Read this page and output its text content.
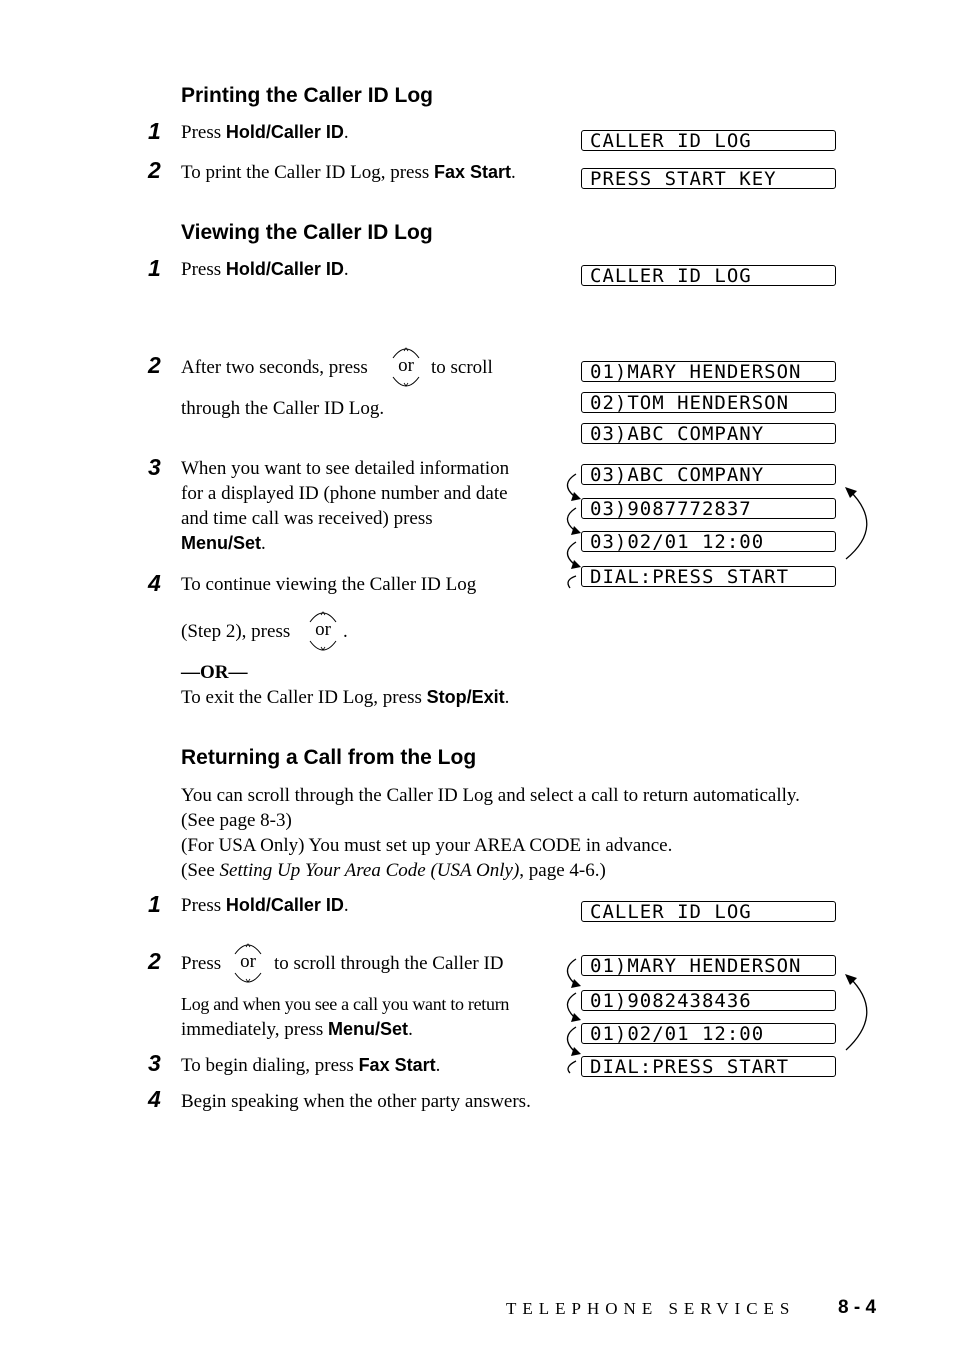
Printing the Caller ID Log
1 Press Hold/Caller ID.	CALLER ID LOG
2 To print the Caller ID Log, press Fax Start.	PRESS START KEY
Viewing the Caller ID Log
1 Press Hold/Caller ID.	CALLER ID LOG
2 After two seconds, press	or to scroll
through the Caller ID Log.
01)MARY HENDERSON
02)TOM HENDERSON
03)ABC COMPANY
3 When you want to see detailed information
for a displayed ID (phone number and date
and time call was received) press
Menu/Set.
03)ABC COMPANY
03)9087772837
03)02/01 12:00
DIAL:PRESS START
4 To continue viewing the Caller ID Log
(Step 2), press	or .
—OR—
To exit the Caller ID Log, press Stop/Exit.
Returning a Call from the Log
You can scroll through the Caller ID Log and select a call to return automatically.
(See page 8-3)
(For USA Only) You must set up your AREA CODE in advance.
(See Setting Up Your Area Code (USA Only), page 4-6.)
1 Press Hold/Caller ID.	CALLER ID LOG
2 Press or to scroll through the Caller ID
Log and when you see a call you want to return
immediately, press Menu/Set.
01)MARY HENDERSON
01)9082438436
01)02/01 12:00
DIAL:PRESS START
3 To begin dialing, press Fax Start.
4 Begin speaking when the other party answers.
TELEPHONE SERVICES 8 - 4
